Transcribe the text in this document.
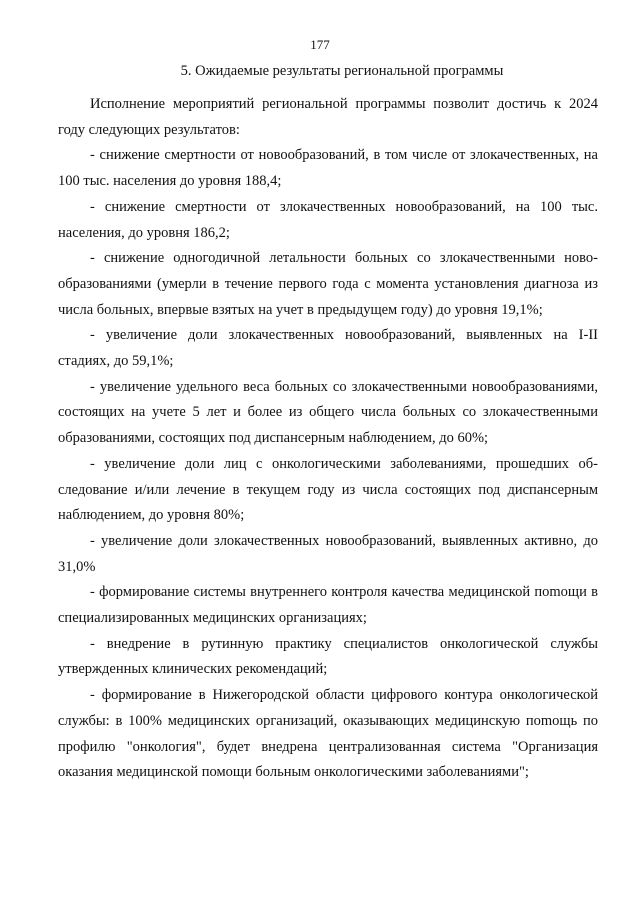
177
5. Ожидаемые результаты региональной программы

Исполнение мероприятий региональной программы позволит достичь к 2024 году следующих результатов:

- снижение смертности от новообразований, в том числе от злокачественных, на 100 тыс. населения до уровня 188,4;

- снижение смертности от злокачественных новообразований, на 100 тыс. населения, до уровня 186,2;

- снижение одногодичной летальности больных со злокачественными новообразованиями (умерли в течение первого года с момента установления диагноза из числа больных, впервые взятых на учет в предыдущем году) до уровня 19,1%;

- увеличение доли злокачественных новообразований, выявленных на I-II стадиях, до 59,1%;

- увеличение удельного веса больных со злокачественными новообразованиями, состоящих на учете 5 лет и более из общего числа больных со злокачественными образованиями, состоящих под диспансерным наблюдением, до 60%;

- увеличение доли лиц с онкологическими заболеваниями, прошедших обследование и/или лечение в текущем году из числа состоящих под диспансерным наблюдением, до уровня 80%;

- увеличение доли злокачественных новообразований, выявленных активно, до 31,0%

- формирование системы внутреннего контроля качества медицинской поmощи в специализированных медицинских организациях;

- внедрение в рутинную практику специалистов онкологической службы утвержденных клинических рекомендаций;

- формирование в Нижегородской области цифрового контура онкологической службы: в 100% медицинских организаций, оказывающих медицинскую поmощь по профилю "онкология", будет внедрена централизованная система "Организация оказания медицинской помощи больным онкологическими заболеваниями";
